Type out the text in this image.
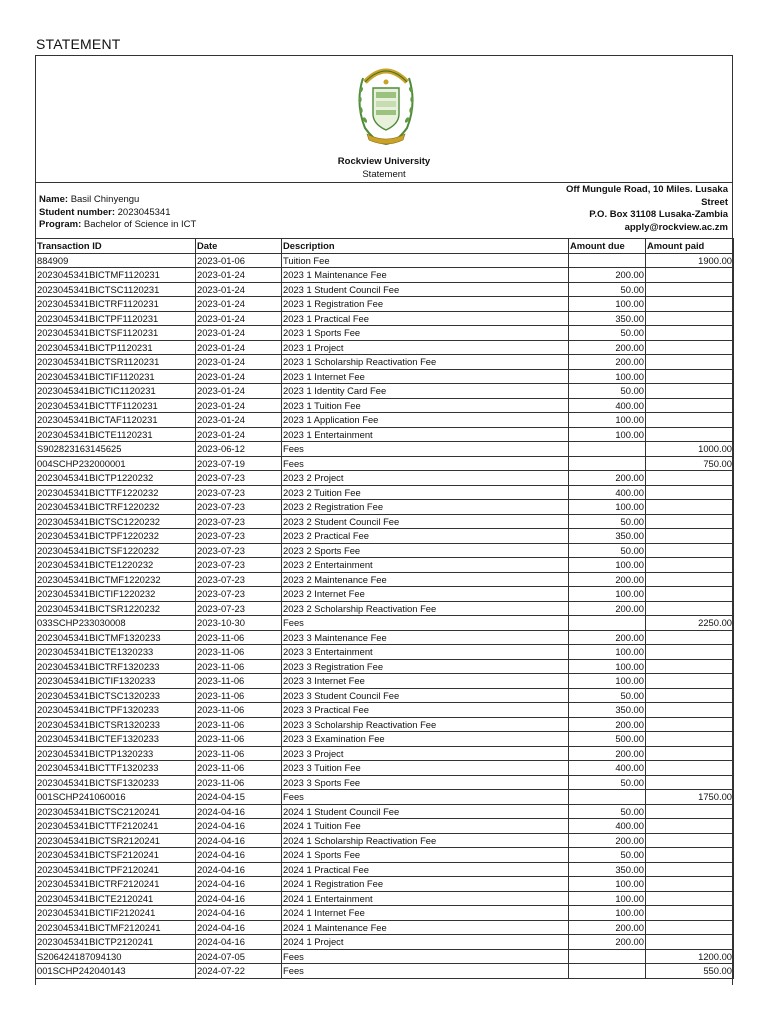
STATEMENT
Rockview University
Statement
Name: Basil Chinyengu
Student number: 2023045341
Program: Bachelor of Science in ICT
Off Mungule Road, 10 Miles. Lusaka
Street
P.O. Box 31108 Lusaka-Zambia
apply@rockview.ac.zm
Transaction ID	Date	Description	Amount due	Amount paid
884909	2023-01-06	Tuition Fee		1900.00
2023045341BICTMF1120231	2023-01-24	2023 1 Maintenance Fee	200.00	
2023045341BICTSC1120231	2023-01-24	2023 1 Student Council Fee	50.00	
2023045341BICTRF1120231	2023-01-24	2023 1 Registration Fee	100.00	
2023045341BICTPF1120231	2023-01-24	2023 1 Practical Fee	350.00	
2023045341BICTSF1120231	2023-01-24	2023 1 Sports Fee	50.00	
2023045341BICTP1120231	2023-01-24	2023 1 Project	200.00	
2023045341BICTSR1120231	2023-01-24	2023 1 Scholarship Reactivation Fee	200.00	
2023045341BICTIF1120231	2023-01-24	2023 1 Internet Fee	100.00	
2023045341BICTIC1120231	2023-01-24	2023 1 Identity Card Fee	50.00	
2023045341BICTTF1120231	2023-01-24	2023 1 Tuition Fee	400.00	
2023045341BICTAF1120231	2023-01-24	2023 1 Application Fee	100.00	
2023045341BICTE1120231	2023-01-24	2023 1 Entertainment	100.00	
S902823163145625	2023-06-12	Fees		1000.00
004SCHP232000001	2023-07-19	Fees		750.00
2023045341BICTP1220232	2023-07-23	2023 2 Project	200.00	
2023045341BICTTF1220232	2023-07-23	2023 2 Tuition Fee	400.00	
2023045341BICTRF1220232	2023-07-23	2023 2 Registration Fee	100.00	
2023045341BICTSC1220232	2023-07-23	2023 2 Student Council Fee	50.00	
2023045341BICTPF1220232	2023-07-23	2023 2 Practical Fee	350.00	
2023045341BICTSF1220232	2023-07-23	2023 2 Sports Fee	50.00	
2023045341BICTE1220232	2023-07-23	2023 2 Entertainment	100.00	
2023045341BICTMF1220232	2023-07-23	2023 2 Maintenance Fee	200.00	
2023045341BICTIF1220232	2023-07-23	2023 2 Internet Fee	100.00	
2023045341BICTSR1220232	2023-07-23	2023 2 Scholarship Reactivation Fee	200.00	
033SCHP233030008	2023-10-30	Fees		2250.00
2023045341BICTMF1320233	2023-11-06	2023 3 Maintenance Fee	200.00	
2023045341BICTE1320233	2023-11-06	2023 3 Entertainment	100.00	
2023045341BICTRF1320233	2023-11-06	2023 3 Registration Fee	100.00	
2023045341BICTIF1320233	2023-11-06	2023 3 Internet Fee	100.00	
2023045341BICTSC1320233	2023-11-06	2023 3 Student Council Fee	50.00	
2023045341BICTPF1320233	2023-11-06	2023 3 Practical Fee	350.00	
2023045341BICTSR1320233	2023-11-06	2023 3 Scholarship Reactivation Fee	200.00	
2023045341BICTEF1320233	2023-11-06	2023 3 Examination Fee	500.00	
2023045341BICTP1320233	2023-11-06	2023 3 Project	200.00	
2023045341BICTTF1320233	2023-11-06	2023 3 Tuition Fee	400.00	
2023045341BICTSF1320233	2023-11-06	2023 3 Sports Fee	50.00	
001SCHP241060016	2024-04-15	Fees		1750.00
2023045341BICTSC2120241	2024-04-16	2024 1 Student Council Fee	50.00	
2023045341BICTTF2120241	2024-04-16	2024 1 Tuition Fee	400.00	
2023045341BICTSR2120241	2024-04-16	2024 1 Scholarship Reactivation Fee	200.00	
2023045341BICTSF2120241	2024-04-16	2024 1 Sports Fee	50.00	
2023045341BICTPF2120241	2024-04-16	2024 1 Practical Fee	350.00	
2023045341BICTRF2120241	2024-04-16	2024 1 Registration Fee	100.00	
2023045341BICTE2120241	2024-04-16	2024 1 Entertainment	100.00	
2023045341BICTIF2120241	2024-04-16	2024 1 Internet Fee	100.00	
2023045341BICTMF2120241	2024-04-16	2024 1 Maintenance Fee	200.00	
2023045341BICTP2120241	2024-04-16	2024 1 Project	200.00	
S206424187094130	2024-07-05	Fees		1200.00
001SCHP242040143	2024-07-22	Fees		550.00
